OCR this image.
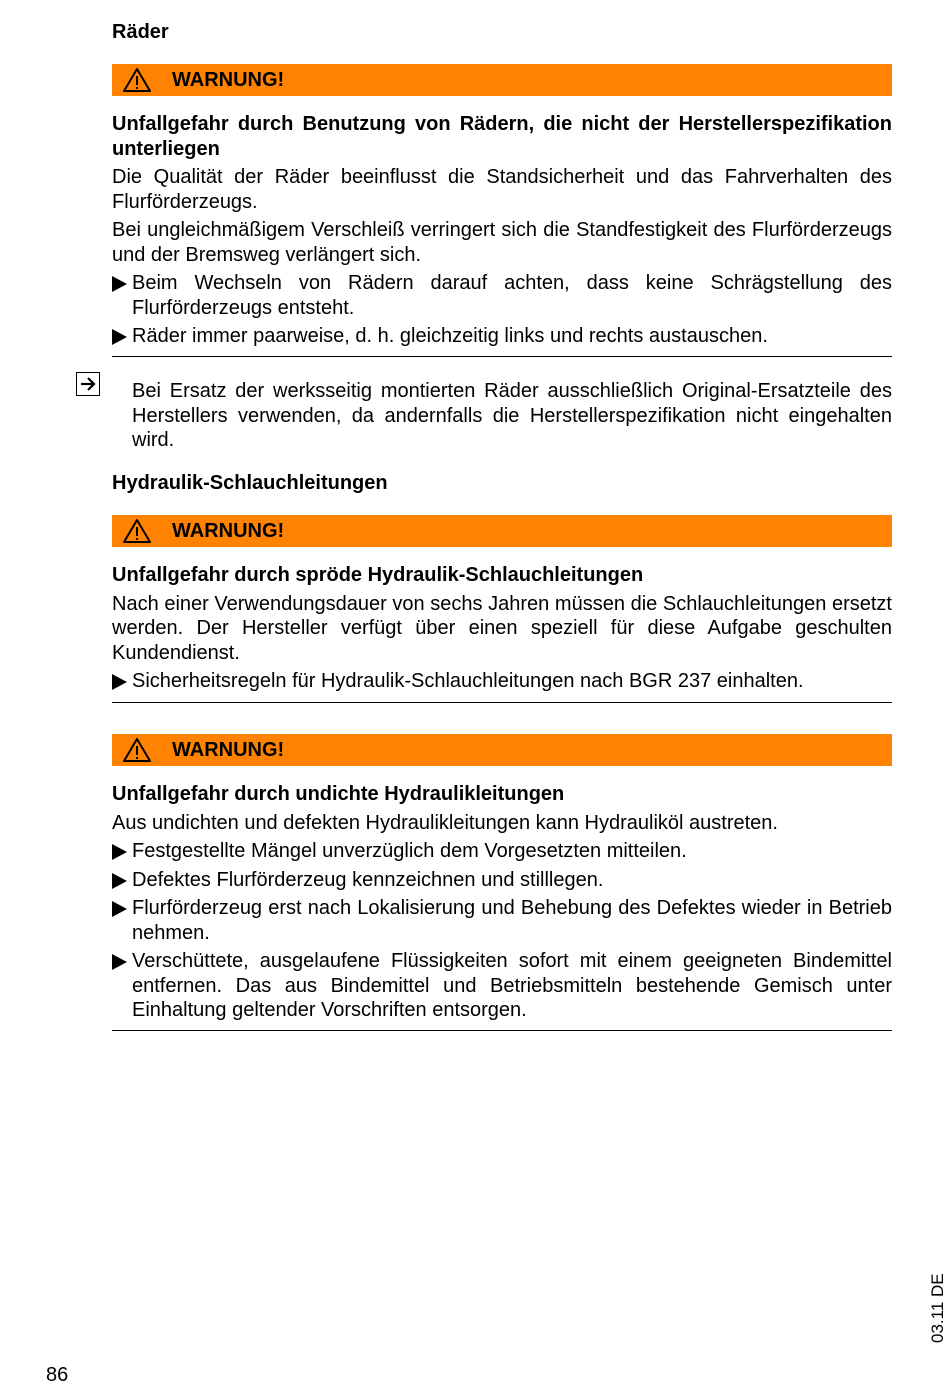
Räder
WARNUNG!

Unfallgefahr durch Benutzung von Rädern, die nicht der Herstellerspezifikation unterliegen

Die Qualität der Räder beeinflusst die Standsicherheit und das Fahrverhalten des Flurförderzeugs.

Bei ungleichmäßigem Verschleiß verringert sich die Standfestigkeit des Flurförderzeugs und der Bremsweg verlängert sich.

Beim Wechseln von Rädern darauf achten, dass keine Schrägstellung des Flurförderzeugs entsteht.
Räder immer paarweise, d. h. gleichzeitig links und rechts austauschen.
Hydraulik-Schlauchleitungen
WARNUNG!

Unfallgefahr durch spröde Hydraulik-Schlauchleitungen

Nach einer Verwendungsdauer von sechs Jahren müssen die Schlauchleitungen ersetzt werden. Der Hersteller verfügt über einen speziell für diese Aufgabe geschulten Kundendienst.

Sicherheitsregeln für Hydraulik-Schlauchleitungen nach BGR 237 einhalten.
WARNUNG!

Unfallgefahr durch undichte Hydraulikleitungen

Aus undichten und defekten Hydraulikleitungen kann Hydrauliköl austreten.

Festgestellte Mängel unverzüglich dem Vorgesetzten mitteilen.
Defektes Flurförderzeug kennzeichnen und stilllegen.
Flurförderzeug erst nach Lokalisierung und Behebung des Defektes wieder in Betrieb nehmen.
Verschüttete, ausgelaufene Flüssigkeiten sofort mit einem geeigneten Bindemittel entfernen. Das aus Bindemittel und Betriebsmitteln bestehende Gemisch unter Einhaltung geltender Vorschriften entsorgen.
Bei Ersatz der werksseitig montierten Räder ausschließlich Original-Ersatzteile des Herstellers verwenden, da andernfalls die Herstellerspezifikation nicht eingehalten wird.
86
03.11 DE
